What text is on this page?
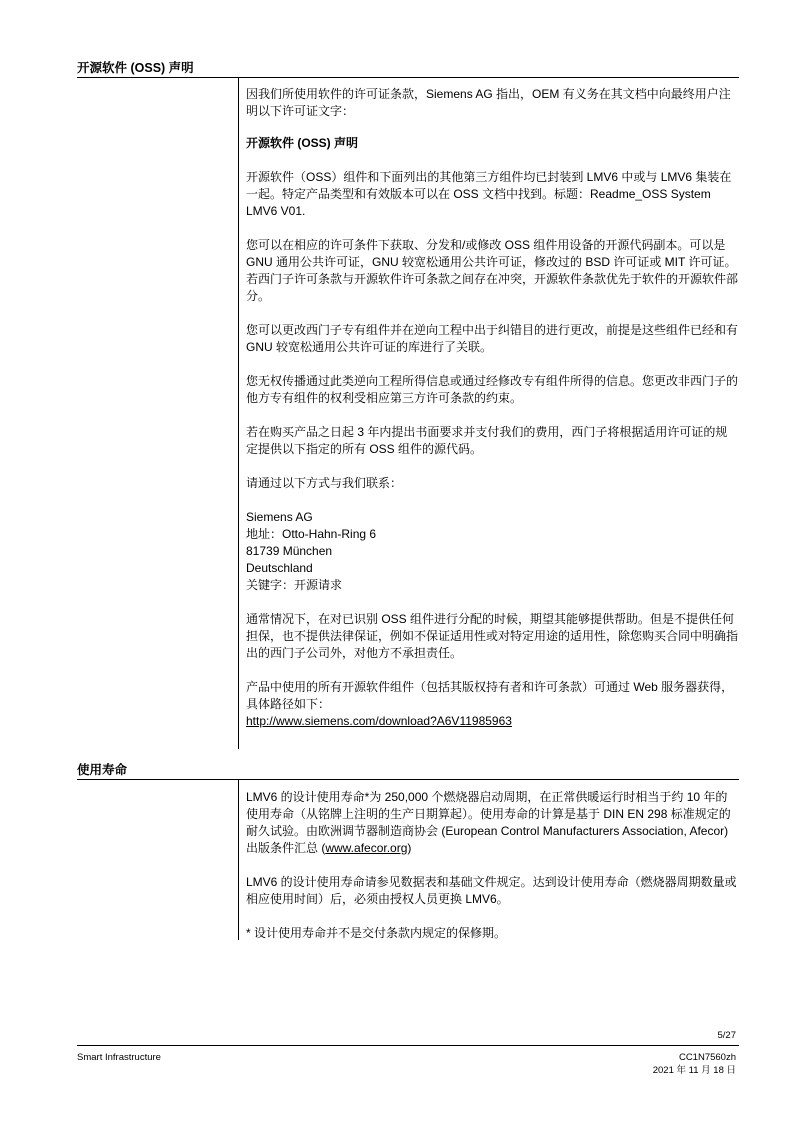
开源软件 (OSS) 声明

因我们所使用软件的许可证条款，Siemens AG 指出，OEM 有义务在其文档中向最终用户注明以下许可证文字：

开源软件 (OSS) 声明

开源软件（OSS）组件和下面列出的其他第三方组件均已封装到 LMV6 中或与 LMV6 集装在一起。特定产品类型和有效版本可以在 OSS 文档中找到。标题：Readme_OSS System LMV6 V01.

您可以在相应的许可条件下获取、分发和/或修改 OSS 组件用设备的开源代码副本。可以是 GNU 通用公共许可证，GNU 较宽松通用公共许可证，修改过的 BSD 许可证或 MIT 许可证。若西门子许可条款与开源软件许可条款之间存在冲突，开源软件条款优先于软件的开源软件部分。

您可以更改西门子专有组件并在逆向工程中出于纠错目的进行更改，前提是这些组件已经和有 GNU 较宽松通用公共许可证的库进行了关联。

您无权传播通过此类逆向工程所得信息或通过经修改专有组件所得的信息。您更改非西门子的他方专有组件的权利受相应第三方许可条款的约束。

若在购买产品之日起 3 年内提出书面要求并支付我们的费用，西门子将根据适用许可证的规定提供以下指定的所有 OSS 组件的源代码。

请通过以下方式与我们联系：

Siemens AG

地址：Otto-Hahn-Ring 6

81739 München

Deutschland

关键字：开源请求

通常情况下，在对已识别 OSS 组件进行分配的时候，期望其能够提供帮助。但是不提供任何担保，也不提供法律保证，例如不保证适用性或对特定用途的适用性，除您购买合同中明确指出的西门子公司外，对他方不承担责任。

产品中使用的所有开源软件组件（包括其版权持有者和许可条款）可通过 Web 服务器获得，具体路径如下：

http://www.siemens.com/download?A6V11985963

使用寿命

LMV6 的设计使用寿命*为 250,000 个燃烧器启动周期，在正常供暖运行时相当于约 10 年的使用寿命（从铭牌上注明的生产日期算起）。使用寿命的计算是基于 DIN EN 298 标准规定的耐久试验。由欧洲调节器制造商协会 (European Control Manufacturers Association, Afecor) 出版条件汇总 (www.afecor.org)

LMV6 的设计使用寿命请参见数据表和基础文件规定。达到设计使用寿命（燃烧器周期数量或相应使用时间）后，必须由授权人员更换 LMV6。

* 设计使用寿命并不是交付条款内规定的保修期。

5/27
Smart Infrastructure	CC1N7560zh
2021 年 11 月 18 日
